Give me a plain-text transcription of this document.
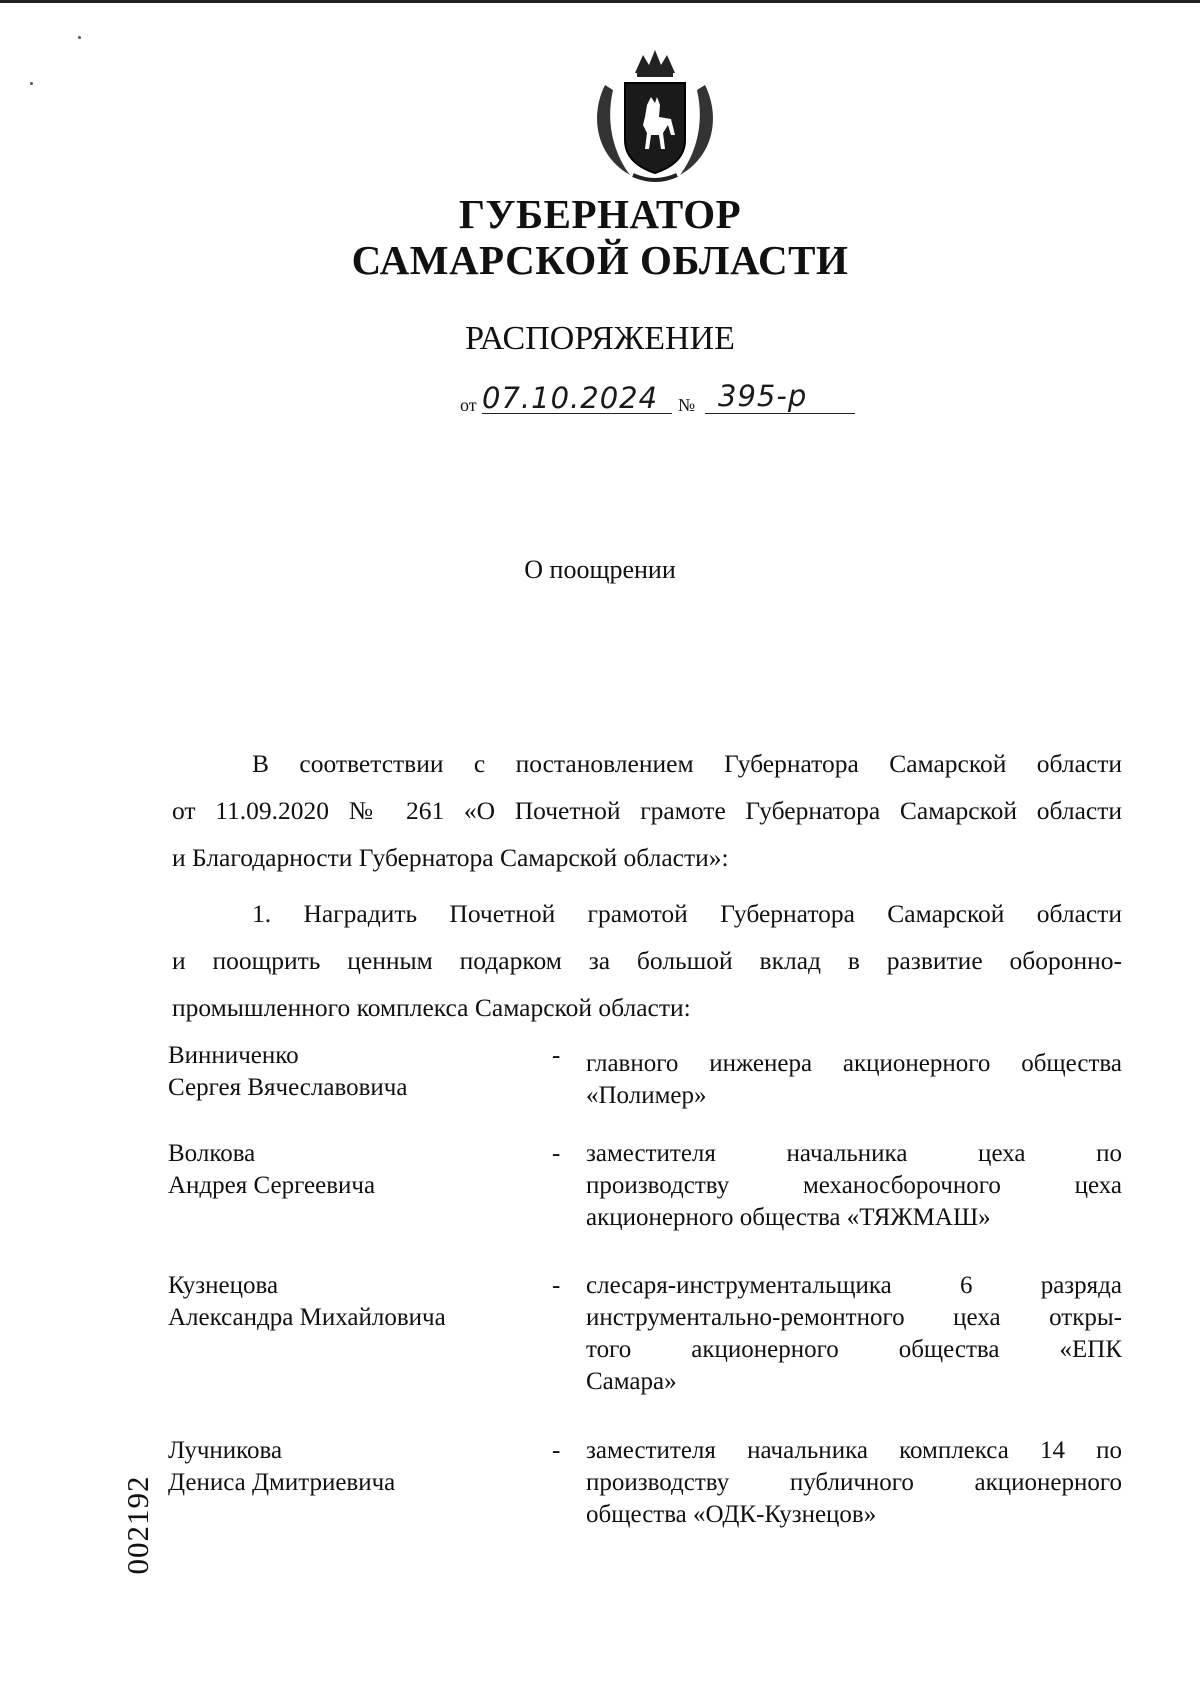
ГУБЕРНАТОР
САМАРСКОЙ ОБЛАСТИ
РАСПОРЯЖЕНИЕ
от 07.10.2024 № 395-р
О поощрении
В соответствии с постановлением Губернатора Самарской области
от 11.09.2020 № 261 «О Почетной грамоте Губернатора Самарской области
и Благодарности Губернатора Самарской области»:
1. Наградить Почетной грамотой Губернатора Самарской области
и поощрить ценным подарком за большой вклад в развитие оборонно-
промышленного комплекса Самарской области:
Винниченко
Сергея Вячеславовича
- главного инженера акционерного общества
«Полимер»
Волкова
Андрея Сергеевича
- заместителя начальника цеха по
производству механосборочного цеха
акционерного общества «ТЯЖМАШ»
Кузнецова
Александра Михайловича
- слесаря-инструментальщика 6 разряда
инструментально-ремонтного цеха откры-
того акционерного общества «ЕПК
Самара»
Лучникова
Дениса Дмитриевича
- заместителя начальника комплекса 14 по
производству публичного акционерного
общества «ОДК-Кузнецов»
002192
